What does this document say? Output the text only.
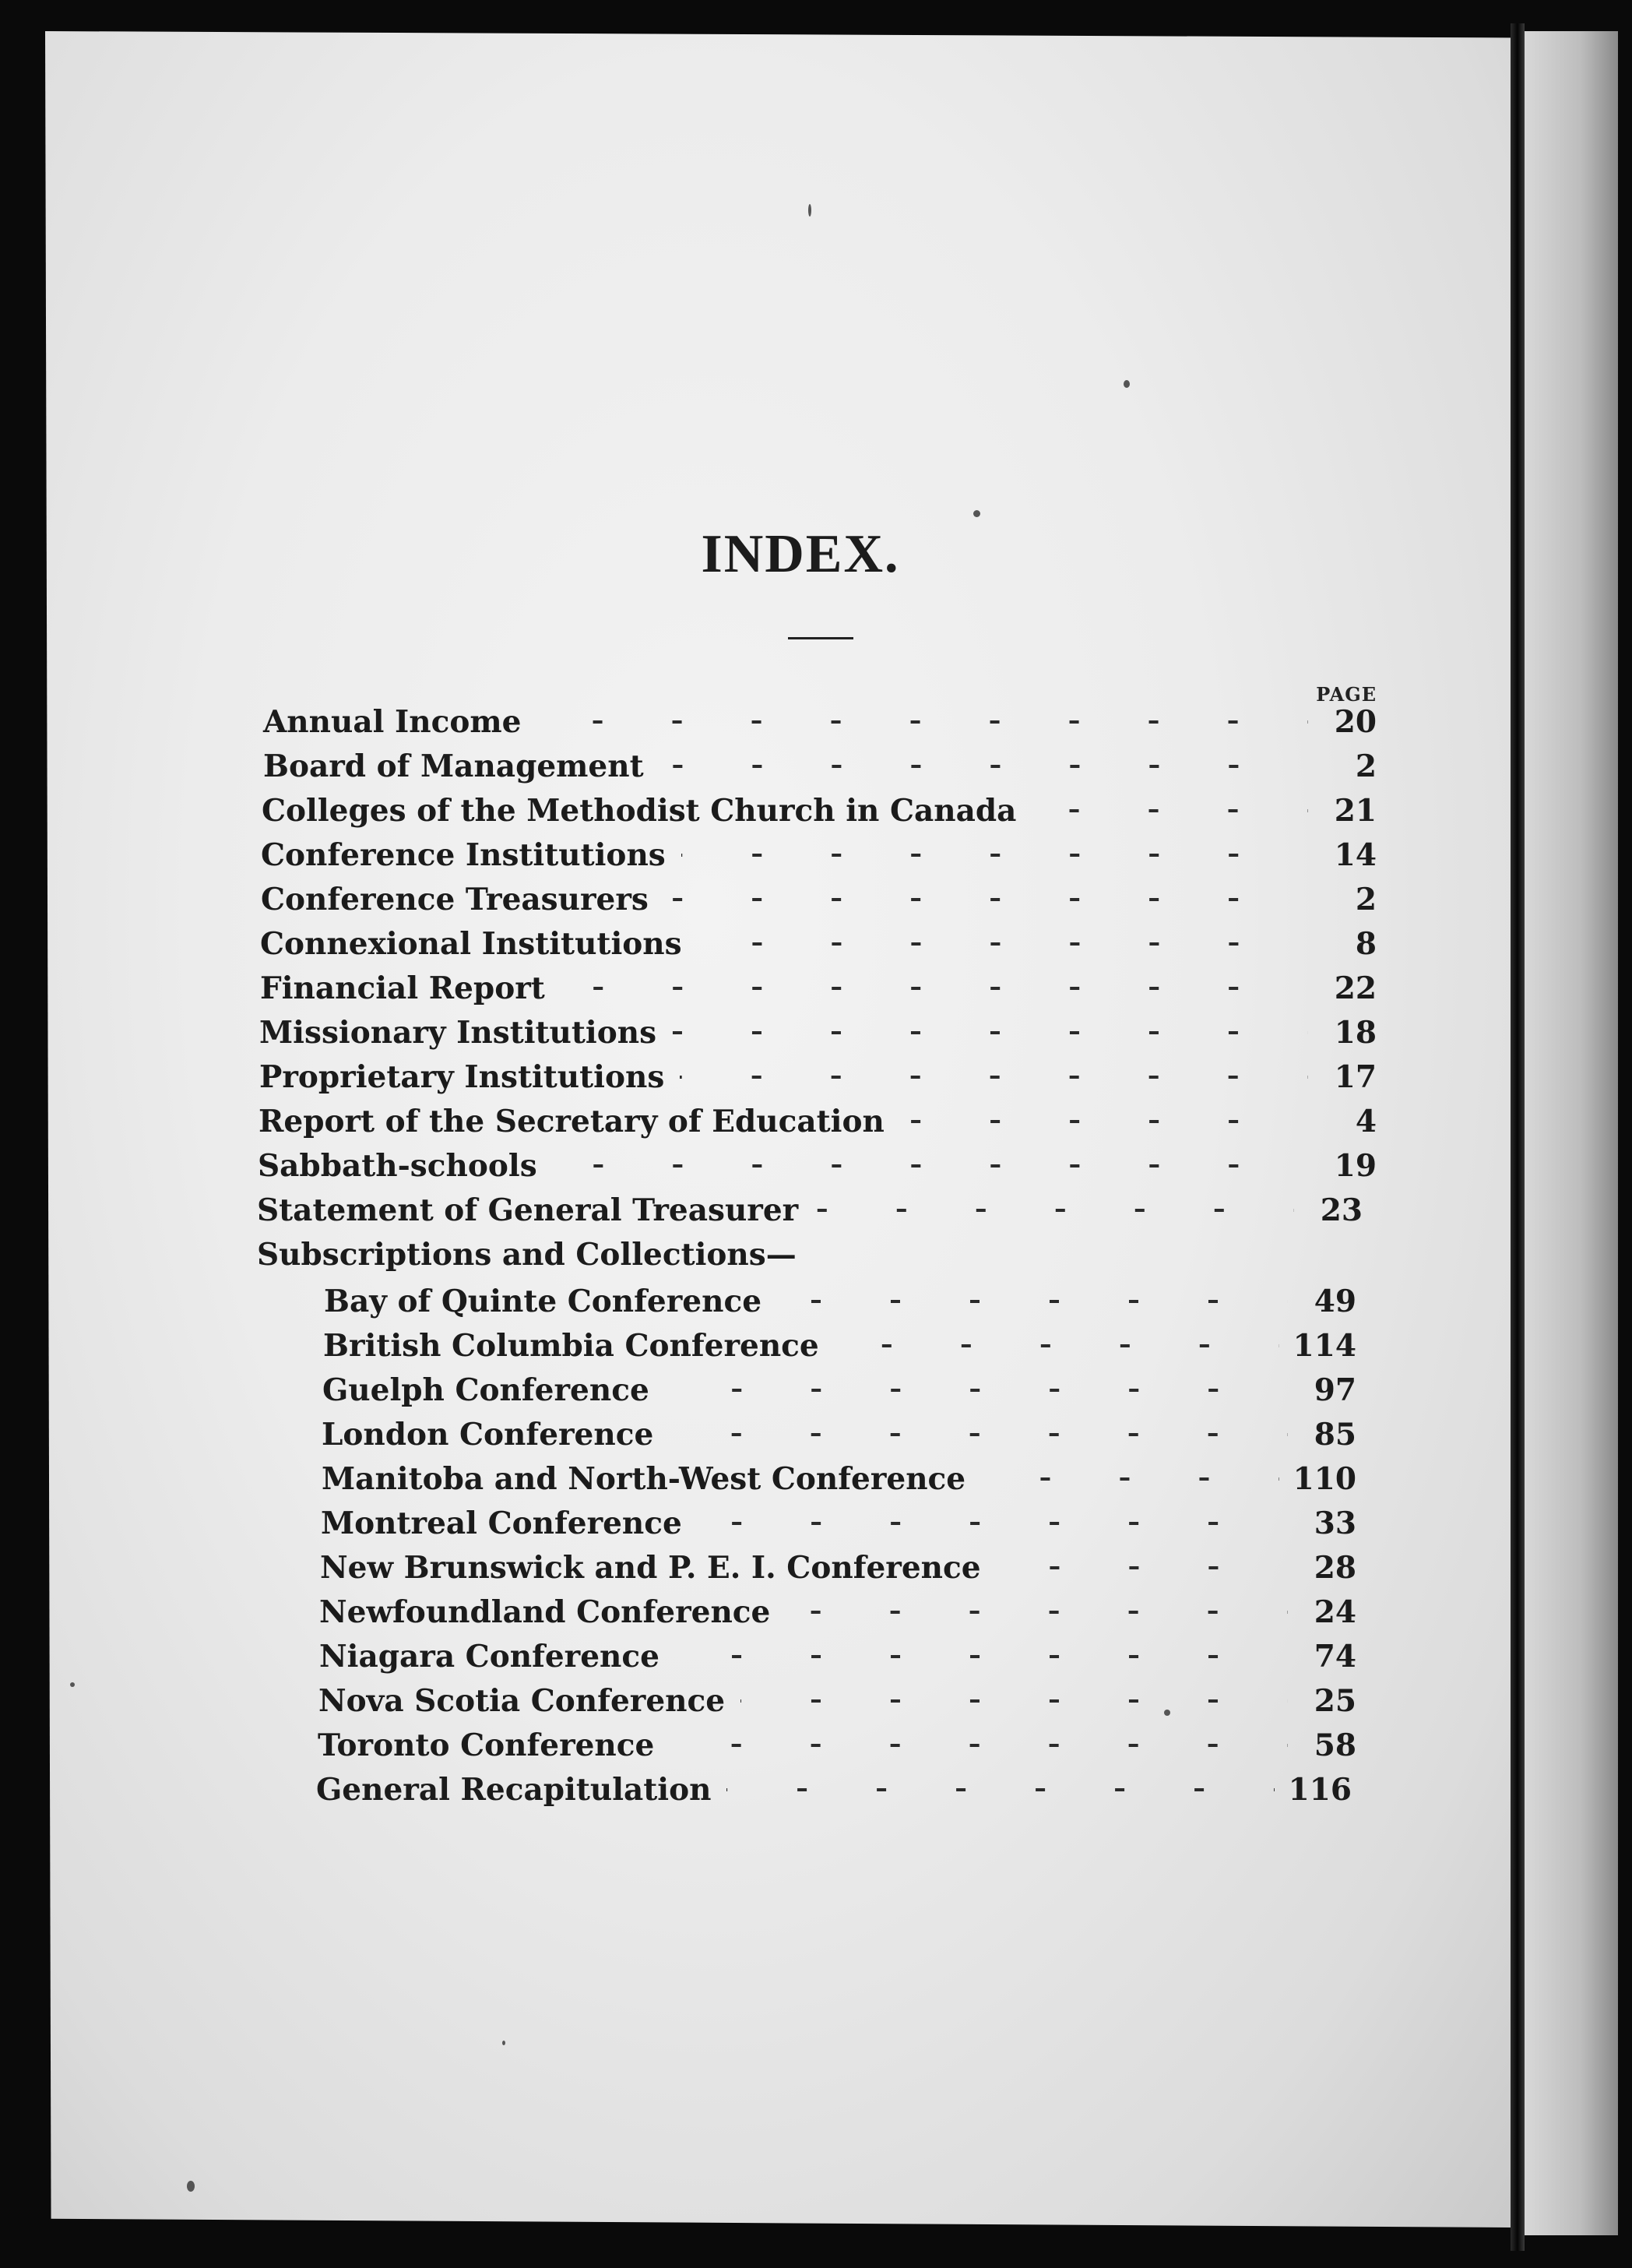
INDEX.
PAGE
Annual Income	20
Board of Management	2
Colleges of the Methodist Church in Canada	21
Conference Institutions	14
Conference Treasurers	2
Connexional Institutions	8
Financial Report	22
Missionary Institutions	18
Proprietary Institutions	17
Report of the Secretary of Education	4
Sabbath-schools	19
Statement of General Treasurer	23
Subscriptions and Collections—
Bay of Quinte Conference	49
British Columbia Conference	114
Guelph Conference	97
London Conference	85
Manitoba and North-West Conference	110
Montreal Conference	33
New Brunswick and P. E. I. Conference	28
Newfoundland Conference	24
Niagara Conference	74
Nova Scotia Conference	25
Toronto Conference	58
General Recapitulation	116
